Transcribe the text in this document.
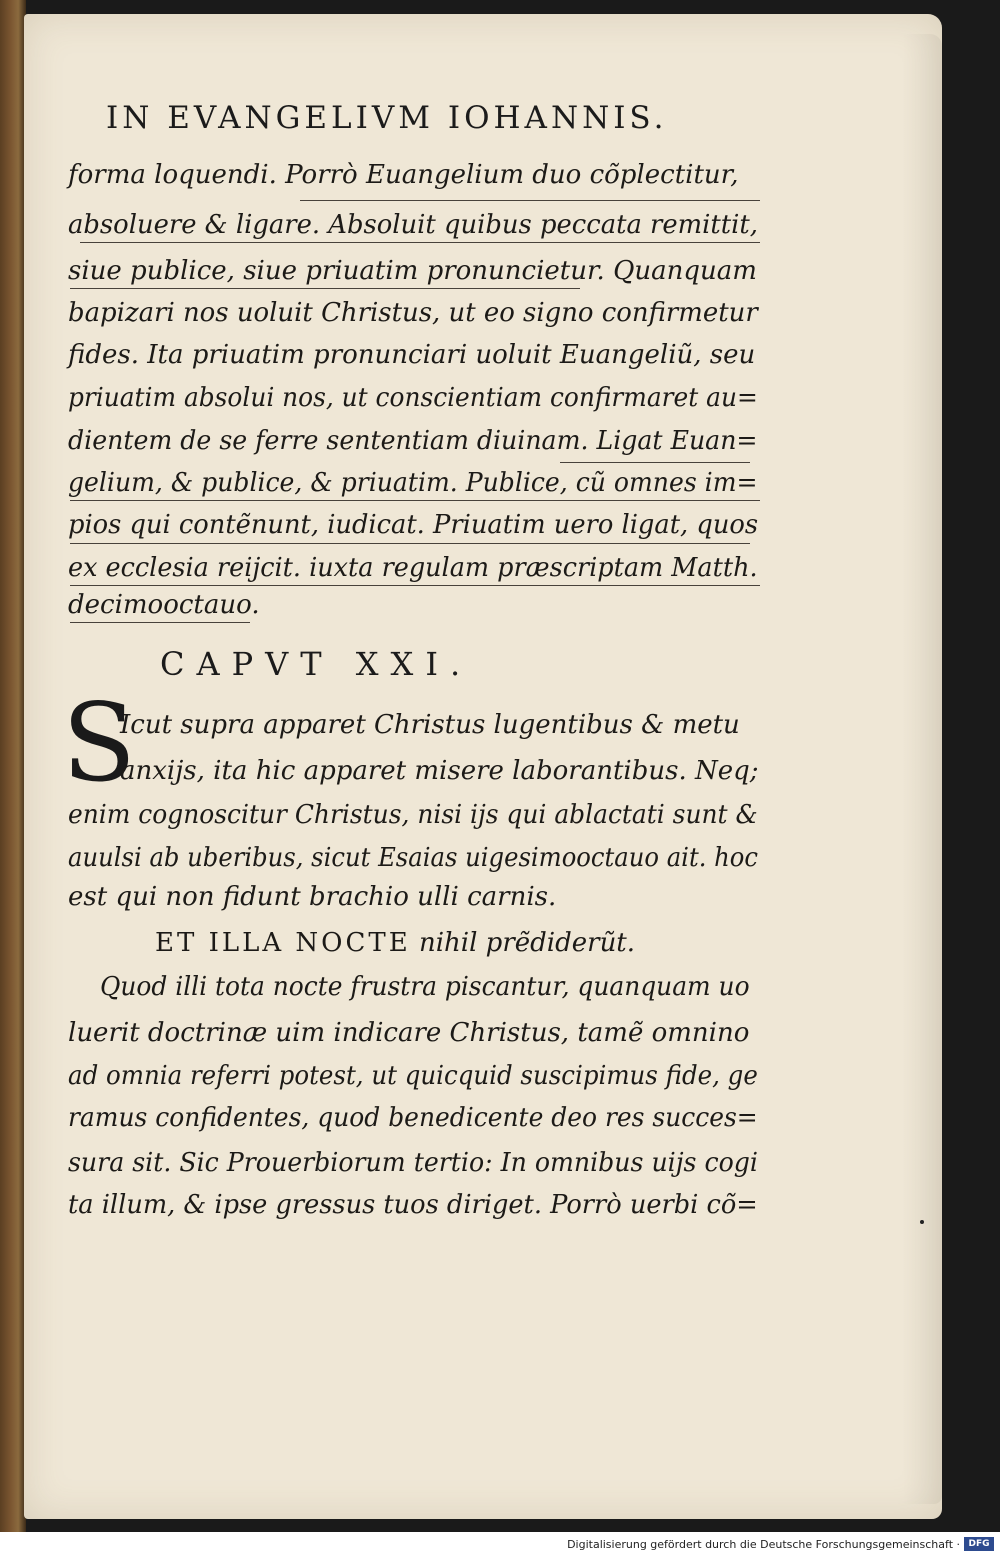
IN EVANGELIVM IOHANNIS.
forma loquendi. Porrò Euangelium duo cõplectitur,
absoluere & ligare. Absoluit quibus peccata remittit,
siue publice, siue priuatim pronuncietur. Quanquam
bapizari nos uoluit Christus, ut eo signo confirmetur
fides. Ita priuatim pronunciari uoluit Euangeliũ, seu
priuatim absolui nos, ut conscientiam confirmaret au=
dientem de se ferre sententiam diuinam. Ligat Euan=
gelium, & publice, & priuatim. Publice, cũ omnes im=
pios qui contẽnunt, iudicat. Priuatim uero ligat, quos
ex ecclesia reijcit. iuxta regulam præscriptam Matth.
decimooctauo.
CAPVT XXI.
S
Icut supra apparet Christus lugentibus & metu
anxijs, ita hic apparet misere laborantibus. Neq;
enim cognoscitur Christus, nisi ijs qui ablactati sunt &
auulsi ab uberibus, sicut Esaias uigesimooctauo ait. hoc
est qui non fidunt brachio ulli carnis.
ET ILLA NOCTE nihil prẽdiderũt.
Quod illi tota nocte frustra piscantur, quanquam uo
luerit doctrinæ uim indicare Christus, tamẽ omnino
ad omnia referri potest, ut quicquid suscipimus fide, ge
ramus confidentes, quod benedicente deo res succes=
sura sit. Sic Prouerbiorum tertio: In omnibus uijs cogi
ta illum, & ipse gressus tuos diriget. Porrò uerbi cõ=
Digitalisierung gefördert durch die Deutsche Forschungsgemeinschaft · DFG
